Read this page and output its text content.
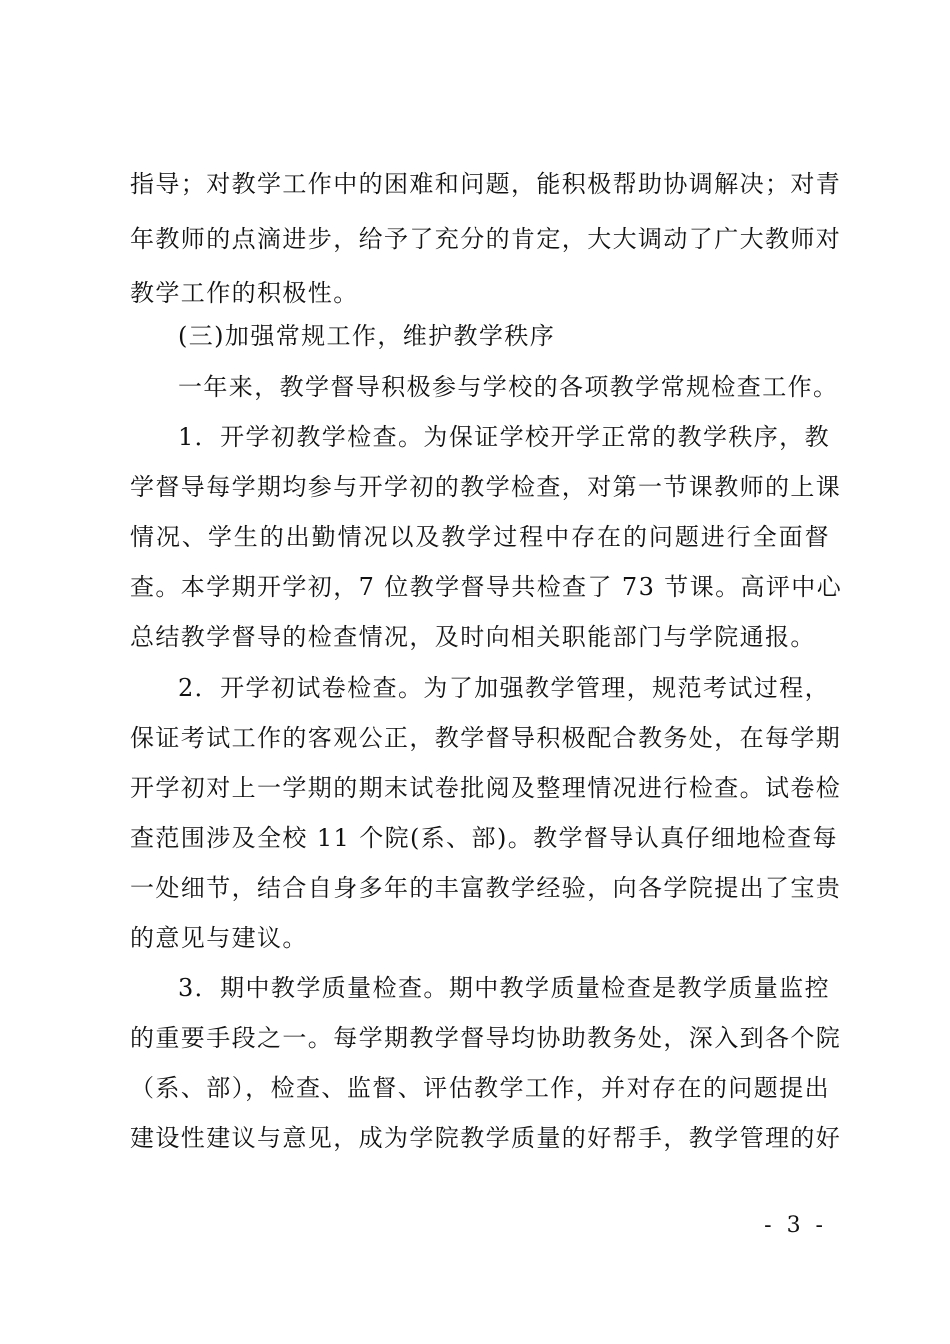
指导；对教学工作中的困难和问题，能积极帮助协调解决；对青
年教师的点滴进步，给予了充分的肯定，大大调动了广大教师对
教学工作的积极性。
(三)加强常规工作，维护教学秩序
一年来，教学督导积极参与学校的各项教学常规检查工作。
1．开学初教学检查。为保证学校开学正常的教学秩序，教
学督导每学期均参与开学初的教学检查，对第一节课教师的上课
情况、学生的出勤情况以及教学过程中存在的问题进行全面督
查。本学期开学初，7 位教学督导共检查了 73 节课。高评中心
总结教学督导的检查情况，及时向相关职能部门与学院通报。
2．开学初试卷检查。为了加强教学管理，规范考试过程，
保证考试工作的客观公正，教学督导积极配合教务处，在每学期
开学初对上一学期的期末试卷批阅及整理情况进行检查。试卷检
查范围涉及全校 11 个院(系、部)。教学督导认真仔细地检查每
一处细节，结合自身多年的丰富教学经验，向各学院提出了宝贵
的意见与建议。
3．期中教学质量检查。期中教学质量检查是教学质量监控
的重要手段之一。每学期教学督导均协助教务处，深入到各个院
（系、部），检查、监督、评估教学工作，并对存在的问题提出
建设性建议与意见，成为学院教学质量的好帮手，教学管理的好
- 3 -
